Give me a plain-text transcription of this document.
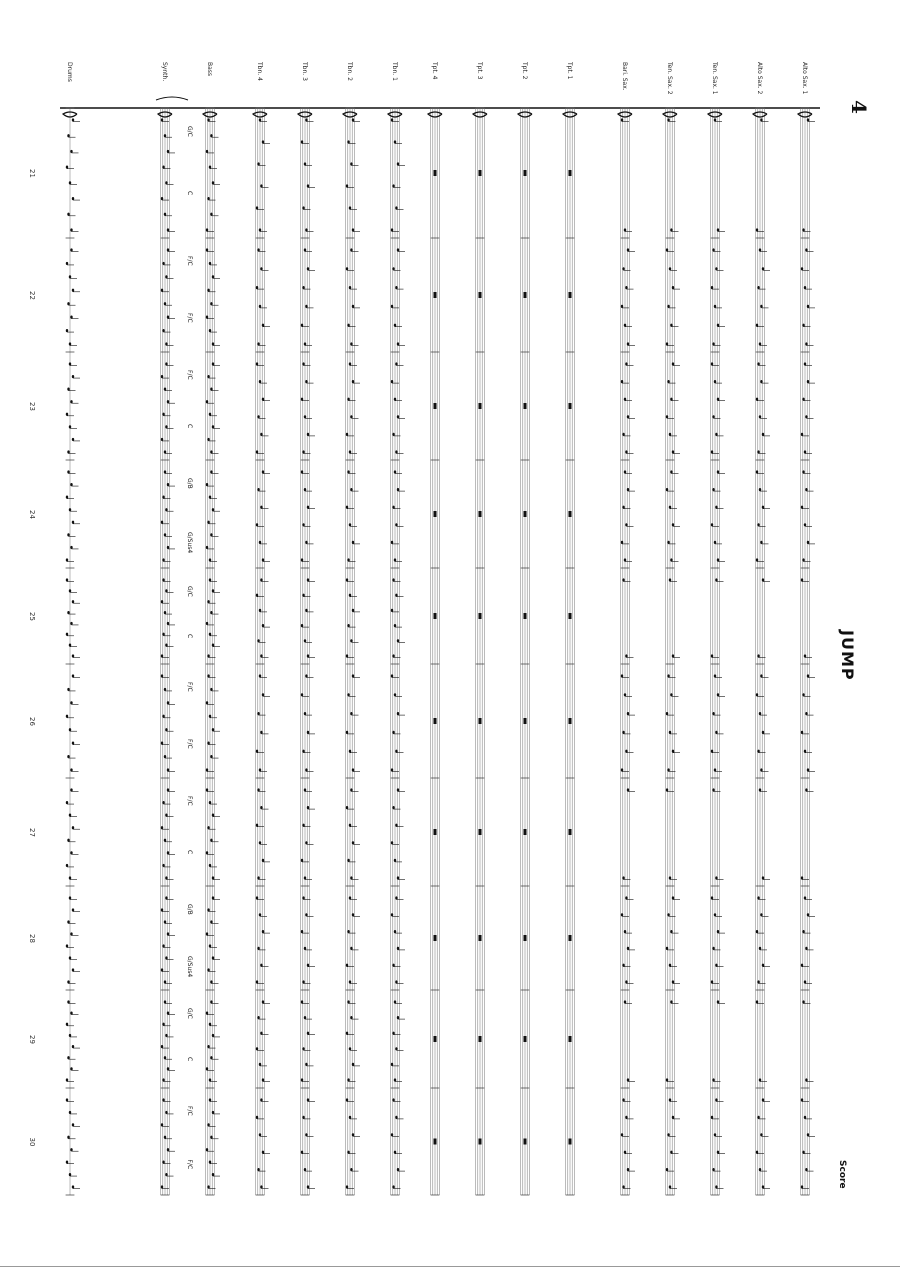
4
JUMP
Score
Alto Sax. 1
Alto Sax. 2
Ten. Sax. 1
Ten. Sax. 2
Bari. Sax.
Tpt. 1
Tpt. 2
Tpt. 3
Tpt. 4
Tbn. 1
Tbn. 2
Tbn. 3
Tbn. 4
Bass
Synth.
Drums
21
22
23
24
25
26
27
28
29
30
G/C
C
F/C
F/C
F/C
C
G/B
G/Sus4
G/C
C
F/C
F/C
F/C
C
G/B
G/Sus4
G/C
C
F/C
F/C
